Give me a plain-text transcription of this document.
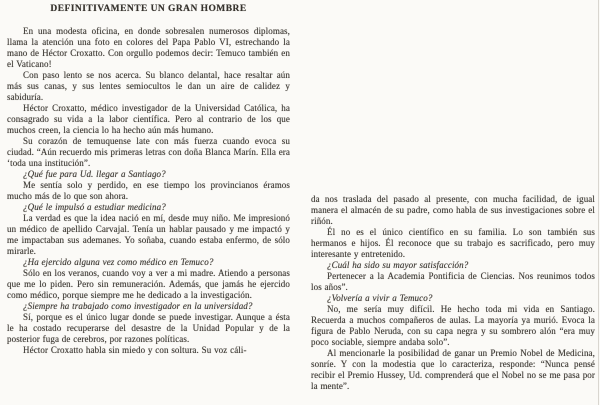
DEFINITIVAMENTE UN GRAN HOMBRE

En una modesta oficina, en donde sobresalen numerosos diplomas, llama la atención una foto en colores del Papa Pablo VI, estrechando la mano de Héctor Croxatto. Con orgullo podemos decir: Temuco también en el Vaticano!

Con paso lento se nos acerca. Su blanco delantal, hace resaltar aún más sus canas, y sus lentes semiocultos le dan un aire de calidez y sabiduría.

Héctor Croxatto, médico investigador de la Universidad Católica, ha consagrado su vida a la labor científica. Pero al contrario de los que muchos creen, la ciencia lo ha hecho aún más humano.

Su corazón de temuquense late con más fuerza cuando evoca su ciudad. “Aún recuerdo mis primeras letras con doña Blanca Marín. Ella era ‘toda una institución”.

¿Qué fue para Ud. llegar a Santiago?

Me sentía solo y perdido, en ese tiempo los provincianos éramos mucho más de lo que son ahora.

¿Qué le impulsó a estudiar medicina?

La verdad es que la idea nació en mí, desde muy niño. Me impresionó un médico de apellido Carvajal. Tenía un hablar pausado y me impactó y me impactaban sus ademanes. Yo soñaba, cuando estaba enfermo, de sólo mirarle.

¿Ha ejercido alguna vez como médico en Temuco?

Sólo en los veranos, cuando voy a ver a mi madre. Atiendo a personas que me lo piden. Pero sin remuneración. Además, que jamás he ejercido como médico, porque siempre me he dedicado a la investigación.

¿Siempre ha trabajado como investigador en la universidad?

Sí, porque es el único lugar donde se puede investigar. Aunque a ésta le ha costado recuperarse del desastre de la Unidad Popular y de la posterior fuga de cerebros, por razones políticas.

Héctor Croxatto habla sin miedo y con soltura. Su voz cáli-

da nos traslada del pasado al presente, con mucha facilidad, de igual manera el almacén de su padre, como habla de sus investigaciones sobre el riñón.

Él no es el único científico en su familia. Lo son también sus hermanos e hijos. Él reconoce que su trabajo es sacrificado, pero muy interesante y entretenido.

¿Cuál ha sido su mayor satisfacción?

Pertenecer a la Academia Pontificia de Ciencias. Nos reunimos todos los años”.

¿Volvería a vivir a Temuco?

No, me sería muy difícil. He hecho toda mi vida en Santiago. Recuerda a muchos compañeros de aulas. La mayoría ya murió. Evoca la figura de Pablo Neruda, con su capa negra y su sombrero alón “era muy poco sociable, siempre andaba solo”.

Al mencionarle la posibilidad de ganar un Premio Nobel de Medicina, sonríe. Y con la modestia que lo caracteriza, responde: “Nunca pensé recibir el Premio Hussey, Ud. comprenderá que el Nobel no se me pasa por la mente”.
